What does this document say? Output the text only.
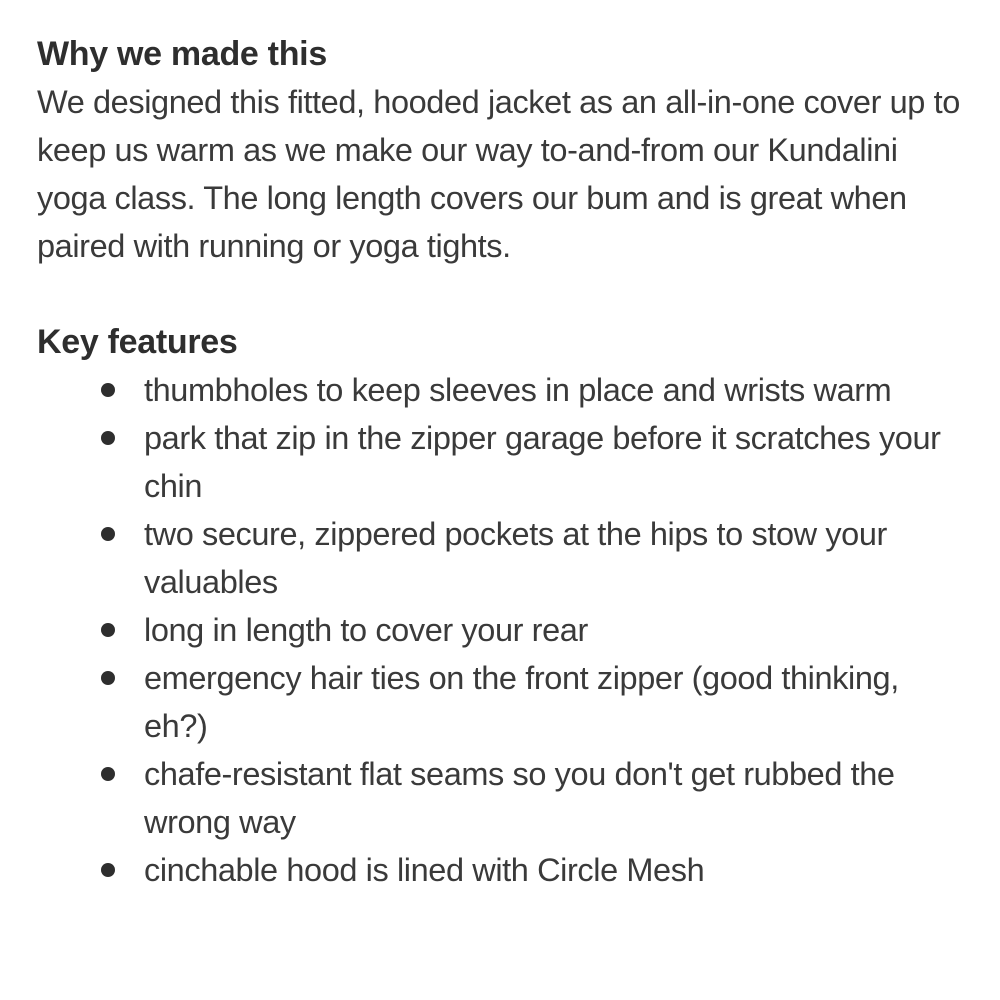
Why we made this

We designed this fitted, hooded jacket as an all-in-one cover up to keep us warm as we make our way to-and-from our Kundalini yoga class. The long length covers our bum and is great when paired with running or yoga tights.

Key features
thumbholes to keep sleeves in place and wrists warm
park that zip in the zipper garage before it scratches your chin
two secure, zippered pockets at the hips to stow your valuables
long in length to cover your rear
emergency hair ties on the front zipper (good thinking, eh?)
chafe-resistant flat seams so you don't get rubbed the wrong way
cinchable hood is lined with Circle Mesh
